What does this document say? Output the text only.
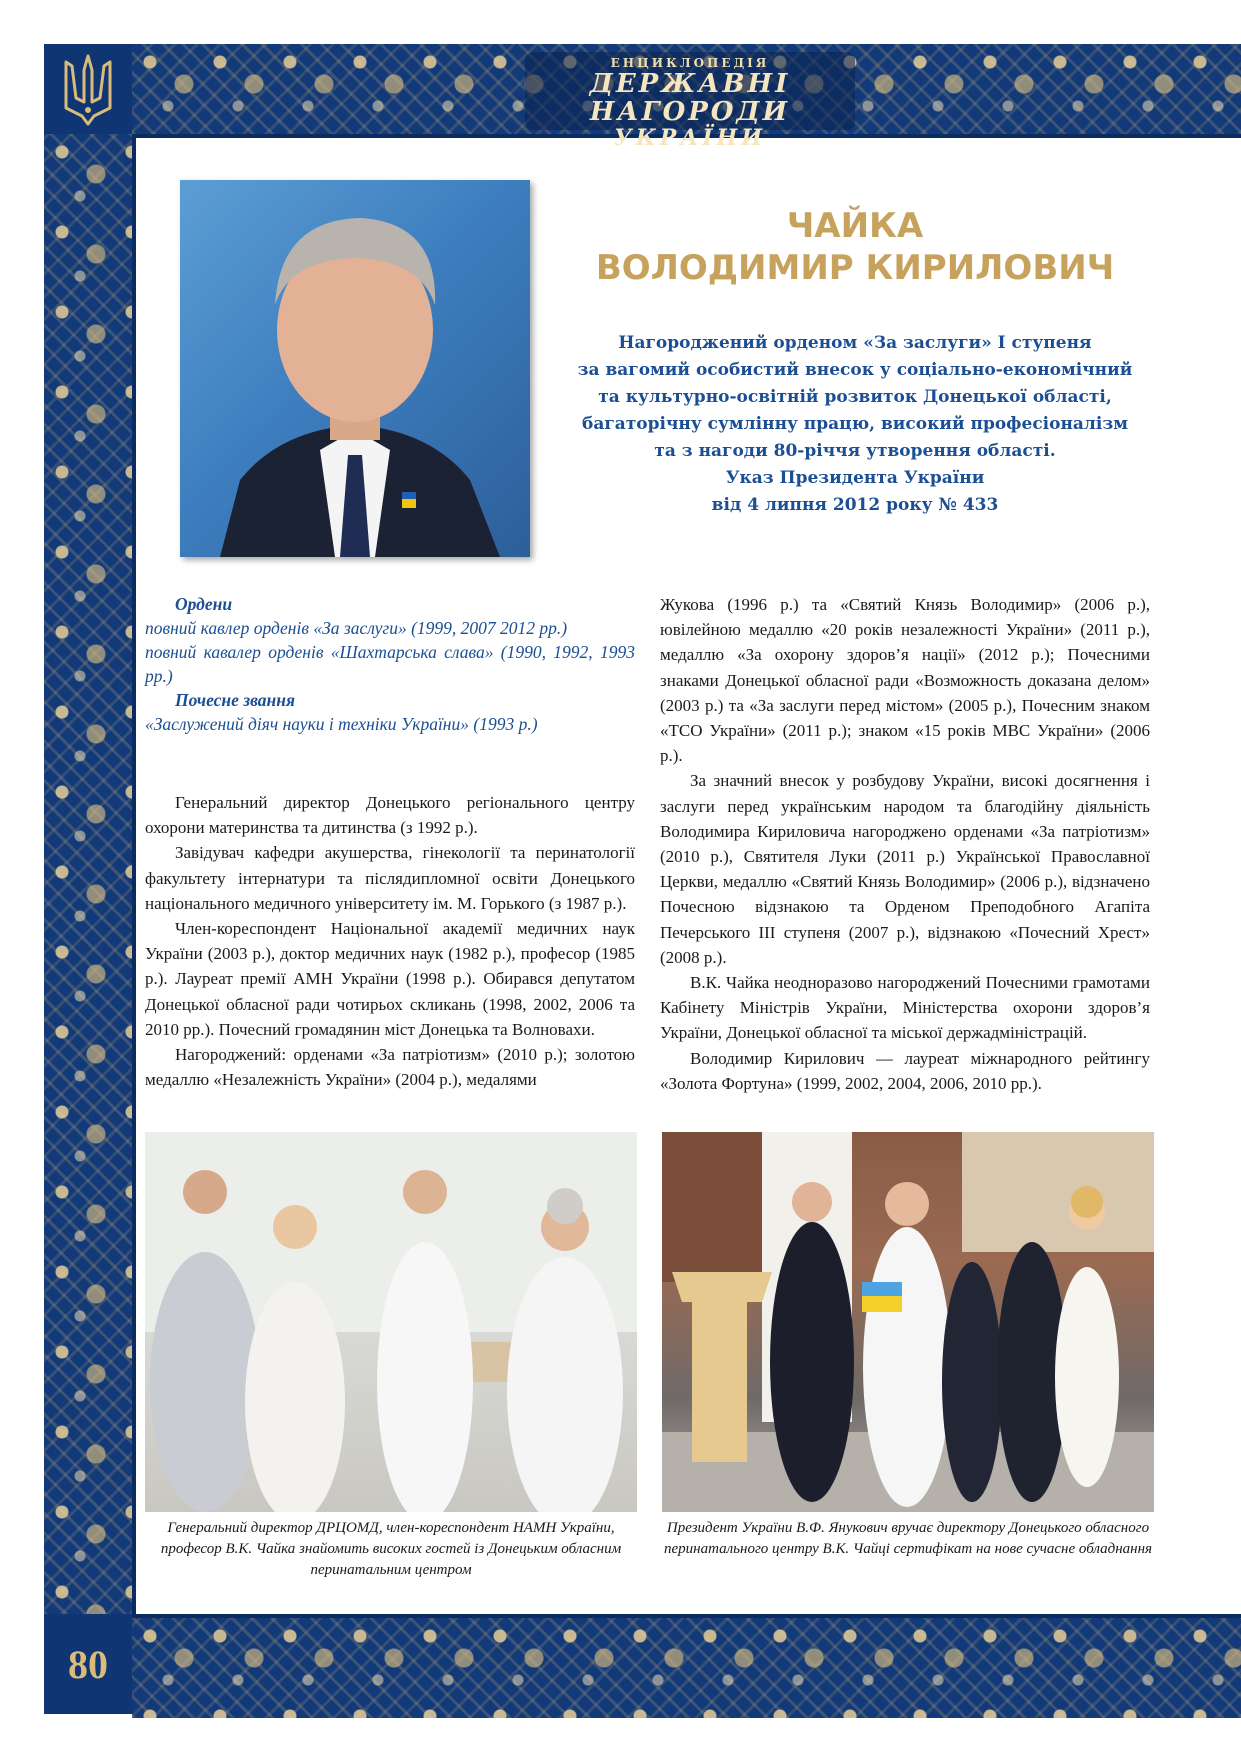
80
ЕНЦИКЛОПЕДІЯ
ДЕРЖАВНІ НАГОРОДИ
УКРАЇНИ
ЧАЙКА
ВОЛОДИМИР КИРИЛОВИЧ
Нагороджений орденом «За заслуги» І ступеня
за вагомий особистий внесок у соціально-економічний
та культурно-освітній розвиток Донецької області,
багаторічну сумлінну працю, високий професіоналізм
та з нагоди 80-річчя утворення області.
Указ Президента України
від 4 липня 2012 року № 433
Ордени
повний кавлер орденів «За заслуги» (1999, 2007 2012 рр.)
повний кавалер орденів «Шахтарська слава» (1990, 1992, 1993 рр.)
Почесне звання
«Заслужений діяч науки і техніки України» (1993 р.)

Генеральний директор Донецького регіонального центру охорони материнства та дитинства (з 1992 р.).

Завідувач кафедри акушерства, гінекології та перинатології факультету інтернатури та післядипломної освіти Донецького національного медичного університету ім. М. Горького (з 1987 р.).

Член-кореспондент Національної академії медичних наук України (2003 р.), доктор медичних наук (1982 р.), професор (1985 р.). Лауреат премії АМН України (1998 р.). Обирався депутатом Донецької обласної ради чотирьох скликань (1998, 2002, 2006 та 2010 рр.). Почесний громадянин міст Донецька та Волновахи.

Нагороджений: орденами «За патріотизм» (2010 р.); золотою медаллю «Незалежність України» (2004 р.), медалями

Жукова (1996 р.) та «Святий Князь Володимир» (2006 р.), ювілейною медаллю «20 років незалежності України» (2011 р.), медаллю «За охорону здоров’я нації» (2012 р.); Почесними знаками Донецької обласної ради «Возможность доказана делом» (2003 р.) та «За заслуги перед містом» (2005 р.), Почесним знаком «ТСО України» (2011 р.); знаком «15 років МВС України» (2006 р.).

За значний внесок у розбудову України, високі досягнення і заслуги перед українським народом та благодійну діяльність Володимира Кириловича нагороджено орденами «За патріотизм» (2010 р.), Святителя Луки (2011 р.) Української Православної Церкви, медаллю «Святий Князь Володимир» (2006 р.), відзначено Почесною відзнакою та Орденом Преподобного Агапіта Печерського III ступеня (2007 р.), відзнакою «Почесний Хрест» (2008 р.).

В.К. Чайка неодноразово нагороджений Почесними грамотами Кабінету Міністрів України, Міністерства охорони здоров’я України, Донецької обласної та міської держадміністрацій.

Володимир Кирилович — лауреат міжнародного рейтингу «Золота Фортуна» (1999, 2002, 2004, 2006, 2010 рр.).

Генеральний директор ДРЦОМД, член-кореспондент НАМН України, професор В.К. Чайка знайомить високих гостей із Донецьким обласним перинатальним центром
Президент України В.Ф. Янукович вручає директору Донецького обласного перинатального центру В.К. Чайці сертифікат на нове сучасне обладнання
